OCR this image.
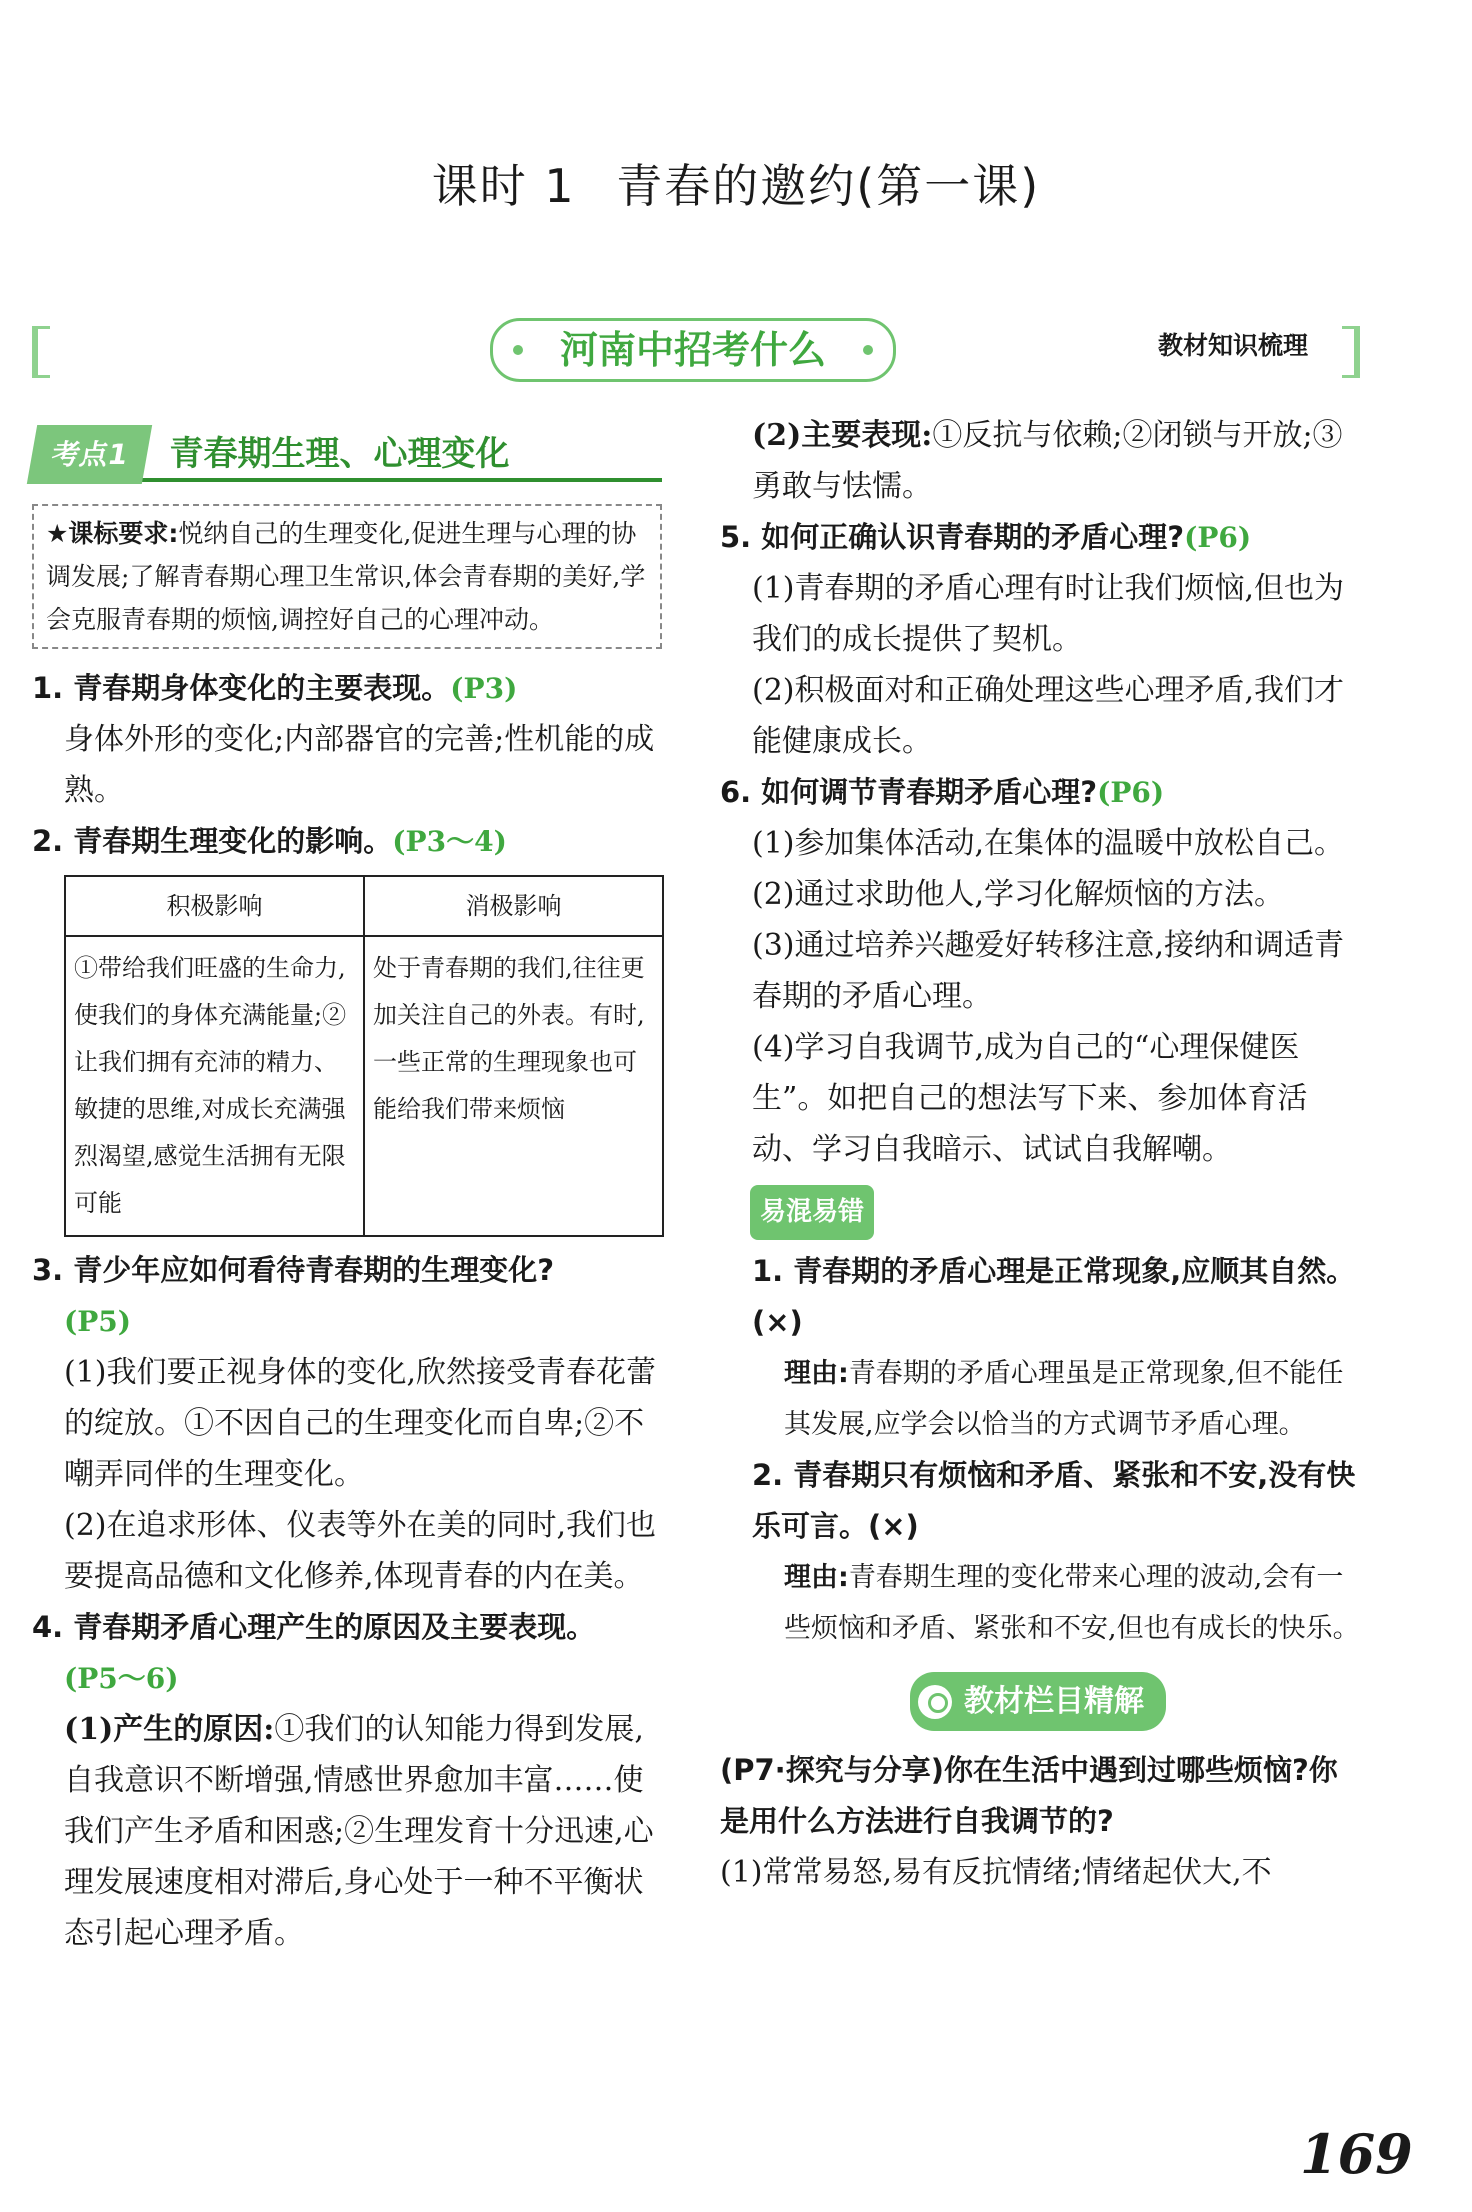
课时 1 青春的邀约(第一课)
河南中招考什么	教材知识梳理
考点1	青春期生理、心理变化
★课标要求:悦纳自己的生理变化,促进生理与心理的协调发展;了解青春期心理卫生常识,体会青春期的美好,学会克服青春期的烦恼,调控好自己的心理冲动。

1. 青春期身体变化的主要表现。(P3)

身体外形的变化;内部器官的完善;性机能的成熟。

2. 青春期生理变化的影响。(P3～4)

积极影响	消极影响
①带给我们旺盛的生命力,使我们的身体充满能量;②让我们拥有充沛的精力、敏捷的思维,对成长充满强烈渴望,感觉生活拥有无限可能	处于青春期的我们,往往更加关注自己的外表。有时,一些正常的生理现象也可能给我们带来烦恼

3. 青少年应如何看待青春期的生理变化?

(P5)

(1)我们要正视身体的变化,欣然接受青春花蕾的绽放。①不因自己的生理变化而自卑;②不嘲弄同伴的生理变化。

(2)在追求形体、仪表等外在美的同时,我们也要提高品德和文化修养,体现青春的内在美。

4. 青春期矛盾心理产生的原因及主要表现。

(P5～6)

(1)产生的原因:①我们的认知能力得到发展,自我意识不断增强,情感世界愈加丰富……使我们产生矛盾和困惑;②生理发育十分迅速,心理发展速度相对滞后,身心处于一种不平衡状态引起心理矛盾。

(2)主要表现:①反抗与依赖;②闭锁与开放;③勇敢与怯懦。

5. 如何正确认识青春期的矛盾心理?(P6)

(1)青春期的矛盾心理有时让我们烦恼,但也为我们的成长提供了契机。

(2)积极面对和正确处理这些心理矛盾,我们才能健康成长。

6. 如何调节青春期矛盾心理?(P6)

(1)参加集体活动,在集体的温暖中放松自己。

(2)通过求助他人,学习化解烦恼的方法。

(3)通过培养兴趣爱好转移注意,接纳和调适青春期的矛盾心理。

(4)学习自我调节,成为自己的“心理保健医生”。如把自己的想法写下来、参加体育活动、学习自我暗示、试试自我解嘲。

易混易错

1. 青春期的矛盾心理是正常现象,应顺其自然。(×)

理由:青春期的矛盾心理虽是正常现象,但不能任其发展,应学会以恰当的方式调节矛盾心理。

2. 青春期只有烦恼和矛盾、紧张和不安,没有快乐可言。(×)

理由:青春期生理的变化带来心理的波动,会有一些烦恼和矛盾、紧张和不安,但也有成长的快乐。

教材栏目精解

(P7·探究与分享)你在生活中遇到过哪些烦恼?你是用什么方法进行自我调节的?

(1)常常易怒,易有反抗情绪;情绪起伏大,不

169
